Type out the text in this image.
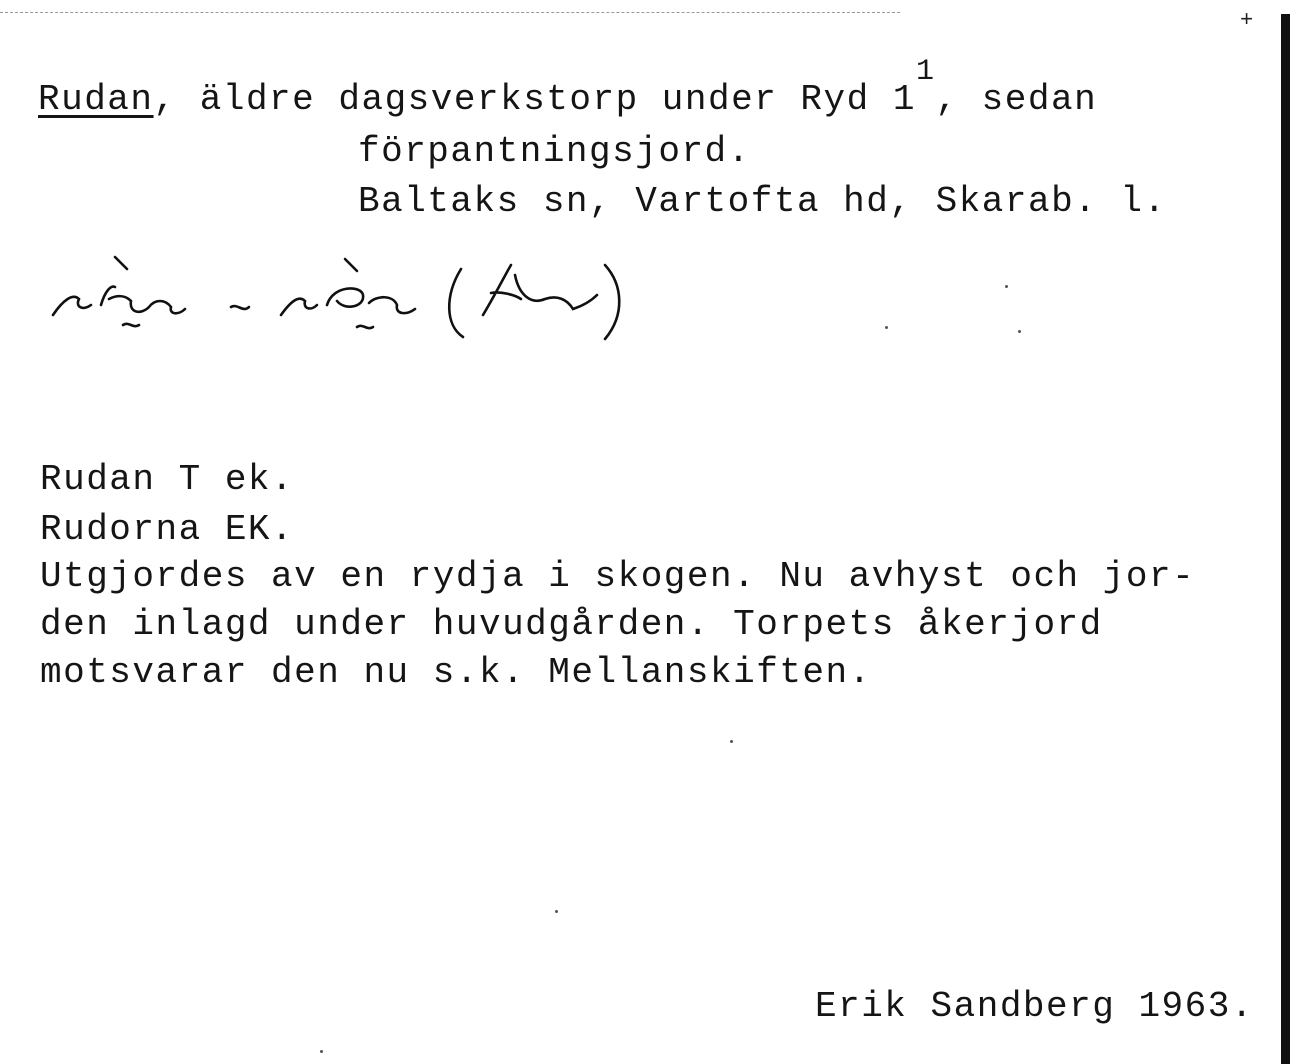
+
Rudan, äldre dagsverkstorp under Ryd $1^1$, sedan
förpantningsjord.
Baltaks sn, Vartofta hd, Skarab. l.
Rudan T ek.
Rudorna EK.
Utgjordes av en rydja i skogen. Nu avhyst och jor-
den inlagd under huvudgården. Torpets åkerjord
motsvarar den nu s.k. Mellanskiften.
Erik Sandberg 1963.
